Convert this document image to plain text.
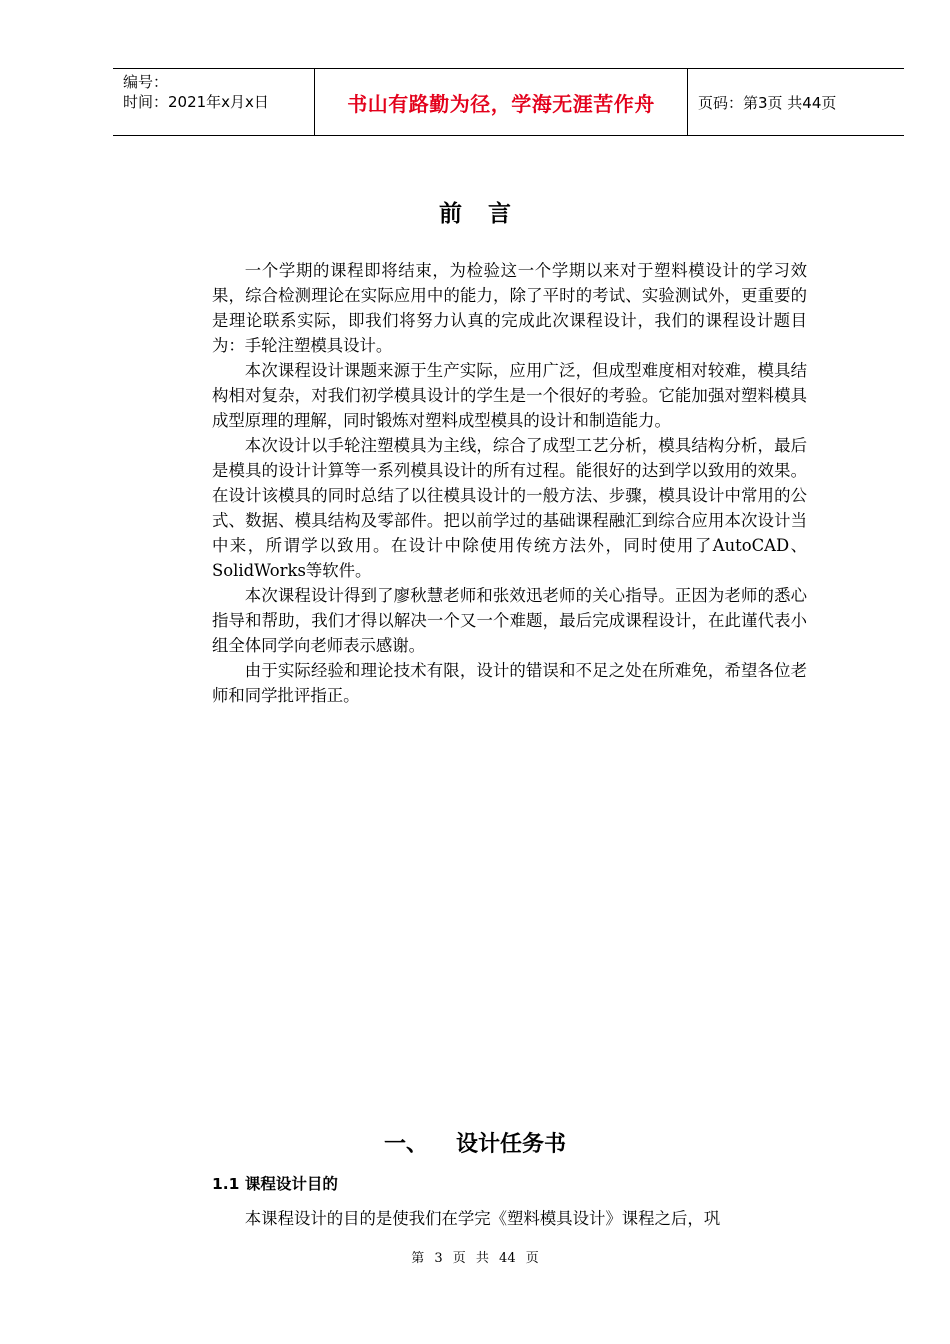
编号：
时间：2021年x月x日	书山有路勤为径，学海无涯苦作舟	页码：第3页 共44页
前言

一个学期的课程即将结束，为检验这一个学期以来对于塑料模设计的学习效果，综合检测理论在实际应用中的能力，除了平时的考试、实验测试外，更重要的是理论联系实际，即我们将努力认真的完成此次课程设计，我们的课程设计题目为：手轮注塑模具设计。

本次课程设计课题来源于生产实际，应用广泛，但成型难度相对较难，模具结构相对复杂，对我们初学模具设计的学生是一个很好的考验。它能加强对塑料模具成型原理的理解，同时锻炼对塑料成型模具的设计和制造能力。

本次设计以手轮注塑模具为主线，综合了成型工艺分析，模具结构分析，最后是模具的设计计算等一系列模具设计的所有过程。能很好的达到学以致用的效果。在设计该模具的同时总结了以往模具设计的一般方法、步骤，模具设计中常用的公式、数据、模具结构及零部件。把以前学过的基础课程融汇到综合应用本次设计当中来，所谓学以致用。在设计中除使用传统方法外，同时使用了AutoCAD、SolidWorks等软件。

本次课程设计得到了廖秋慧老师和张效迅老师的关心指导。正因为老师的悉心指导和帮助，我们才得以解决一个又一个难题，最后完成课程设计，在此谨代表小组全体同学向老师表示感谢。

由于实际经验和理论技术有限，设计的错误和不足之处在所难免，希望各位老师和同学批评指正。

一、 设计任务书
1.1 课程设计目的

本课程设计的目的是使我们在学完《塑料模具设计》课程之后，巩

第 3 页 共 44 页
